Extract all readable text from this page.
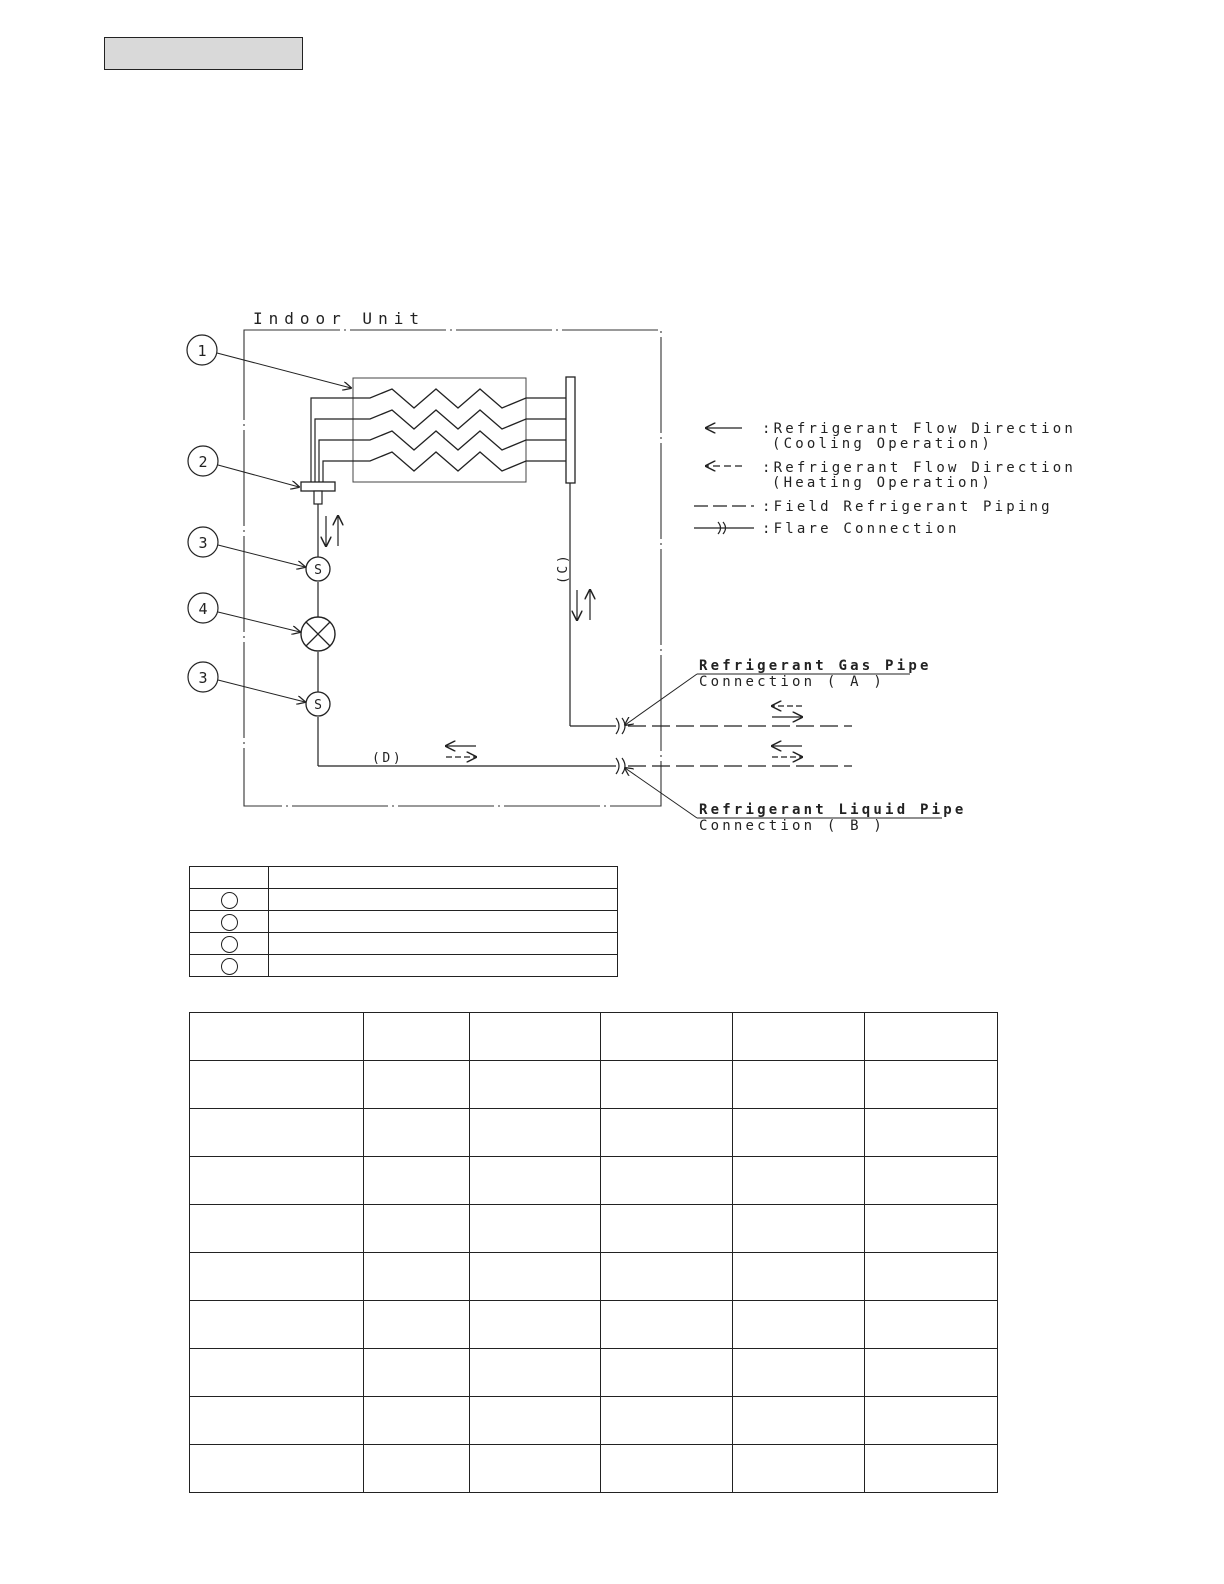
Indoor Unit
S
S
(C)
(D)
1
2
3
4
3
:Refrigerant Flow Direction
(Cooling Operation)
:Refrigerant Flow Direction
(Heating Operation)
:Field Refrigerant Piping
:Flare Connection
Refrigerant Gas Pipe
Connection ( A )
Refrigerant Liquid Pipe
Connection ( B )
